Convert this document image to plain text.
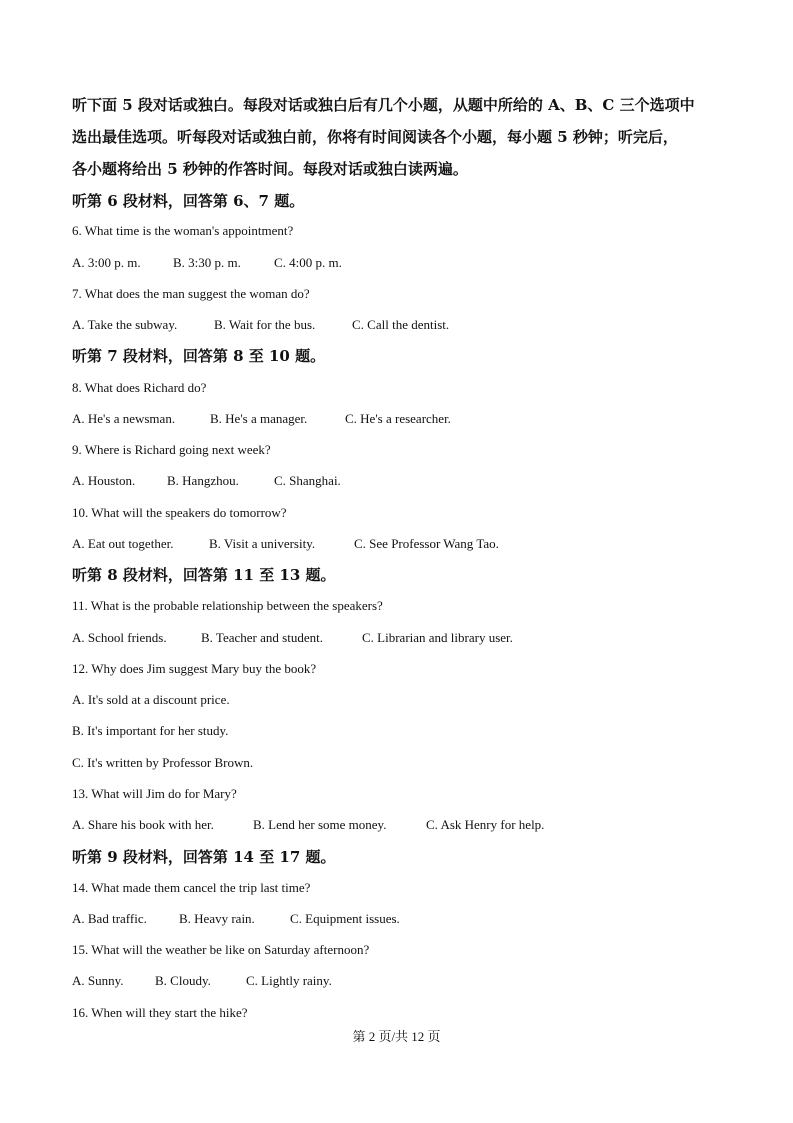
听下面 5 段对话或独白。每段对话或独白后有几个小题，从题中所给的 A、B、C 三个选项中
选出最佳选项。听每段对话或独白前，你将有时间阅读各个小题，每小题 5 秒钟；听完后，
各小题将给出 5 秒钟的作答时间。每段对话或独白读两遍。
听第 6 段材料，回答第 6、7 题。
6. What time is the woman's appointment?
A. 3:00 p. m. B. 3:30 p. m.	C. 4:00 p. m.
7. What does the man suggest the woman do?
A. Take the subway.	B. Wait for the bus.	C. Call the dentist.
听第 7 段材料，回答第 8 至 10 题。
8. What does Richard do?
A. He's a newsman.	B. He's a manager.	C. He's a researcher.
9. Where is Richard going next week?
A. Houston. B. Hangzhou.	C. Shanghai.
10. What will the speakers do tomorrow?
A. Eat out together.	B. Visit a university.	C. See Professor Wang Tao.
听第 8 段材料，回答第 11 至 13 题。
11. What is the probable relationship between the speakers?
A. School friends.	B. Teacher and student.	C. Librarian and library user.
12. Why does Jim suggest Mary buy the book?
A. It's sold at a discount price.
B. It's important for her study.
C. It's written by Professor Brown.
13. What will Jim do for Mary?
A. Share his book with her.	B. Lend her some money.	C. Ask Henry for help.
听第 9 段材料，回答第 14 至 17 题。
14. What made them cancel the trip last time?
A. Bad traffic. B. Heavy rain.	C. Equipment issues.
15. What will the weather be like on Saturday afternoon?
A. Sunny. B. Cloudy.	C. Lightly rainy.
16. When will they start the hike?
第 2 页/共 12 页
